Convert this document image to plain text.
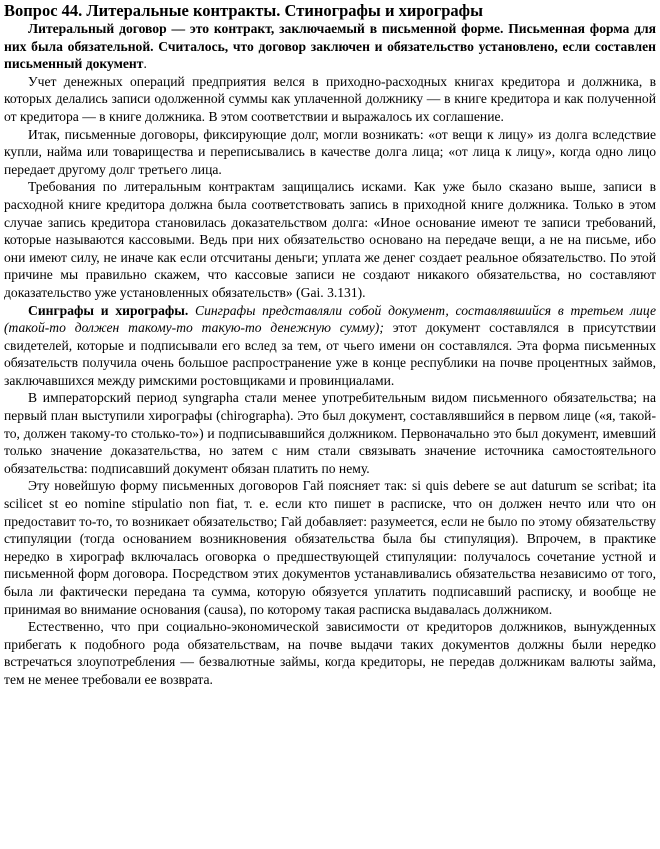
Вопрос 44. Литеральные контракты. Стинографы и хирографы

Литеральный договор — это контракт, заключаемый в письменной форме. Письменная форма для них была обязательной. Считалось, что договор заключен и обязательство установлено, если составлен письменный документ.

Учет денежных операций предприятия велся в приходно-расходных книгах кредитора и должника, в которых делались записи одолженной суммы как уплаченной должнику — в книге кредитора и как полученной от кредитора — в книге должника. В этом соответствии и выражалось их соглашение.

Итак, письменные договоры, фиксирующие долг, могли возникать: «от вещи к лицу» из долга вследствие купли, найма или товарищества и переписывались в качестве долга лица; «от лица к лицу», когда одно лицо передает другому долг третьего лица.

Требования по литеральным контрактам защищались исками. Как уже было сказано выше, записи в расходной книге кредитора должна была соответствовать запись в приходной книге должника. Только в этом случае запись кредитора становилась доказательством долга: «Иное основание имеют те записи требований, которые называются кассовыми. Ведь при них обязательство основано на передаче вещи, а не на письме, ибо они имеют силу, не иначе как если отсчитаны деньги; уплата же денег создает реальное обязательство. По этой причине мы правильно скажем, что кассовые записи не создают никакого обязательства, но составляют доказательство уже установленных обязательств» (Gai. 3.131).

Синграфы и хирографы. Синграфы представляли собой документ, составлявшийся в третьем лице (такой-то должен такому-то такую-то денежную сумму); этот документ составлялся в присутствии свидетелей, которые и подписывали его вслед за тем, от чьего имени он составлялся. Эта форма письменных обязательств получила очень большое распространение уже в конце республики на почве процентных займов, заключавшихся между римскими ростовщиками и провинциалами.

В императорский период syngrapha стали менее употребительным видом письменного обязательства; на первый план выступили хирографы (chirographa). Это был документ, составлявшийся в первом лице («я, такой-то, должен такому-то столько-то») и подписывавшийся должником. Первоначально это был документ, имевший только значение доказательства, но затем с ним стали связывать значение источника самостоятельного обязательства: подписавший документ обязан платить по нему.

Эту новейшую форму письменных договоров Гай поясняет так: si quis debere se aut daturum se scribat; ita scilicet st eo nomine stipulatio non fiat, т. е. если кто пишет в расписке, что он должен нечто или что он предоставит то-то, то возникает обязательство; Гай добавляет: разумеется, если не было по этому обязательству стипуляции (тогда основанием возникновения обязательства была бы стипуляция). Впрочем, в практике нередко в хирограф включалась оговорка о предшествующей стипуляции: получалось сочетание устной и письменной форм договора. Посредством этих документов устанавливались обязательства независимо от того, была ли фактически передана та сумма, которую обязуется уплатить подписавший расписку, и вообще не принимая во внимание основания (causa), по которому такая расписка выдавалась должником.

Естественно, что при социально-экономической зависимости от кредиторов должников, вынужденных прибегать к подобного рода обязательствам, на почве выдачи таких документов должны были нередко встречаться злоупотребления — безвалютные займы, когда кредиторы, не передав должникам валюты займа, тем не менее требовали ее возврата.
